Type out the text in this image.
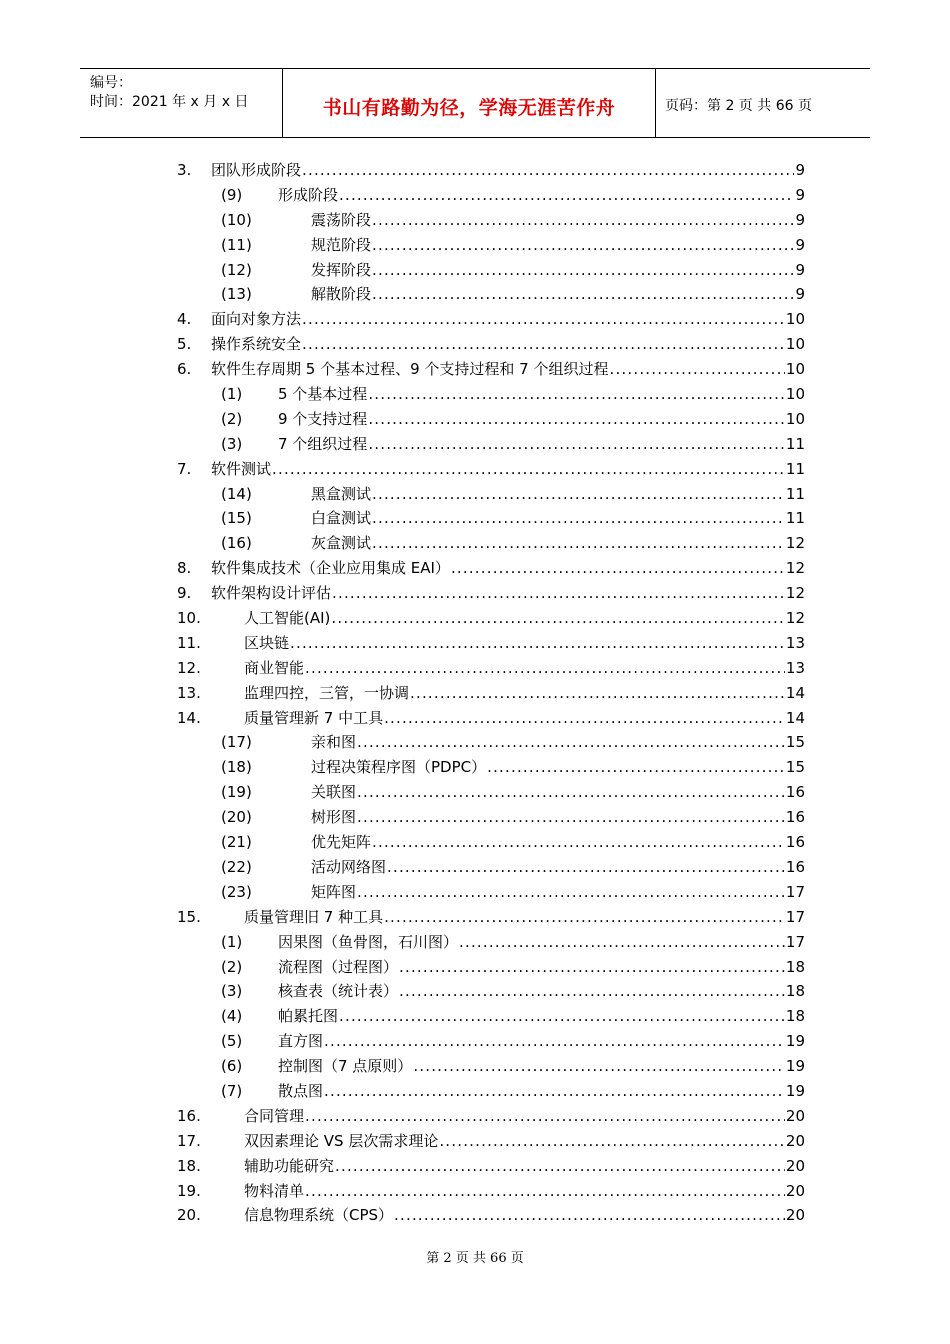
编号：
时间：2021 年 x 月 x 日	书山有路勤为径，学海无涯苦作舟	页码：第 2 页 共 66 页
3. 团队形成阶段 .....	9
(9) 形成阶段 .....	9
(10)	震荡阶段 .....	9
(11)	规范阶段 .....	9
(12)	发挥阶段 .....	9
(13)	解散阶段 .....	9
4. 面向对象方法 .....	10
5. 操作系统安全 .....	10
6. 软件生存周期 5 个基本过程、9 个支持过程和 7 个组织过程 .....	10
(1) 5 个基本过程 .....	10
(2) 9 个支持过程 .....	10
(3) 7 个组织过程 .....	11
7. 软件测试 .....	11
(14)	黑盒测试 .....	11
(15)	白盒测试 .....	11
(16)	灰盒测试 .....	12
8. 软件集成技术（企业应用集成 EAI） .....	12
9. 软件架构设计评估 .....	12
10.	人工智能(AI) .....	12
11.	区块链 .....	13
12.	商业智能 .....	13
13.	监理四控，三管，一协调 .....	14
14.	质量管理新 7 中工具 .....	14
(17)	亲和图 .....	15
(18)	过程决策程序图（PDPC） .....	15
(19)	关联图 .....	16
(20)	树形图 .....	16
(21)	优先矩阵 .....	16
(22)	活动网络图 .....	16
(23)	矩阵图 .....	17
15.	质量管理旧 7 种工具 .....	17
(1) 因果图（鱼骨图，石川图） .....	17
(2) 流程图（过程图） .....	18
(3) 核查表（统计表） .....	18
(4) 帕累托图 .....	18
(5) 直方图 .....	19
(6) 控制图（7 点原则） .....	19
(7) 散点图 .....	19
16.	合同管理 .....	20
17.	双因素理论 VS 层次需求理论 .....	20
18.	辅助功能研究 .....	20
19.	物料清单 .....	20
20.	信息物理系统（CPS） .....	20
第 2 页 共 66 页
